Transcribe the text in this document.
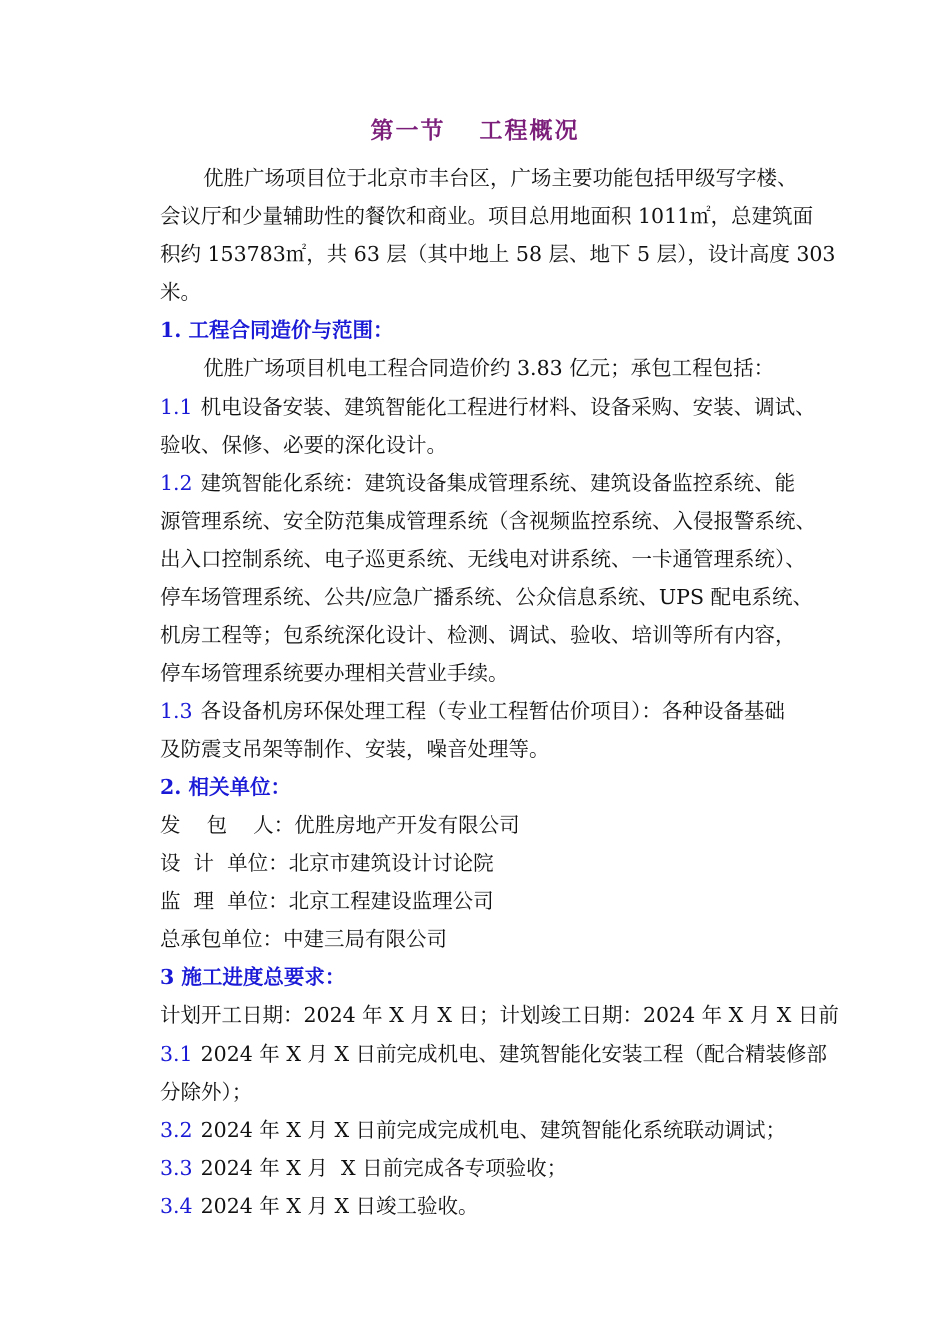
第一节 工程概况
优胜广场项目位于北京市丰台区，广场主要功能包括甲级写字楼、
会议厅和少量辅助性的餐饮和商业。项目总用地面积 1011㎡，总建筑面
积约 153783㎡，共 63 层（其中地上 58 层、地下 5 层），设计高度 303
米。
1. 工程合同造价与范围：
优胜广场项目机电工程合同造价约 3.83 亿元；承包工程包括：
1.1 机电设备安装、建筑智能化工程进行材料、设备采购、安装、调试、
验收、保修、必要的深化设计。
1.2 建筑智能化系统：建筑设备集成管理系统、建筑设备监控系统、能
源管理系统、安全防范集成管理系统（含视频监控系统、入侵报警系统、
出入口控制系统、电子巡更系统、无线电对讲系统、一卡通管理系统）、
停车场管理系统、公共/应急广播系统、公众信息系统、UPS 配电系统、
机房工程等；包系统深化设计、检测、调试、验收、培训等所有内容，
停车场管理系统要办理相关营业手续。
1.3 各设备机房环保处理工程（专业工程暂估价项目）：各种设备基础
及防震支吊架等制作、安装，噪音处理等。
2. 相关单位：
发    包    人：优胜房地产开发有限公司
设  计  单位：北京市建筑设计讨论院
监  理  单位：北京工程建设监理公司
总承包单位：中建三局有限公司
3 施工进度总要求：
计划开工日期：2024 年 X 月 X 日；计划竣工日期：2024 年 X 月 X 日前
3.1 2024 年 X 月 X 日前完成机电、建筑智能化安装工程（配合精装修部
分除外）；
3.2 2024 年 X 月 X 日前完成完成机电、建筑智能化系统联动调试；
3.3 2024 年 X 月  X 日前完成各专项验收；
3.4 2024 年 X 月 X 日竣工验收。
